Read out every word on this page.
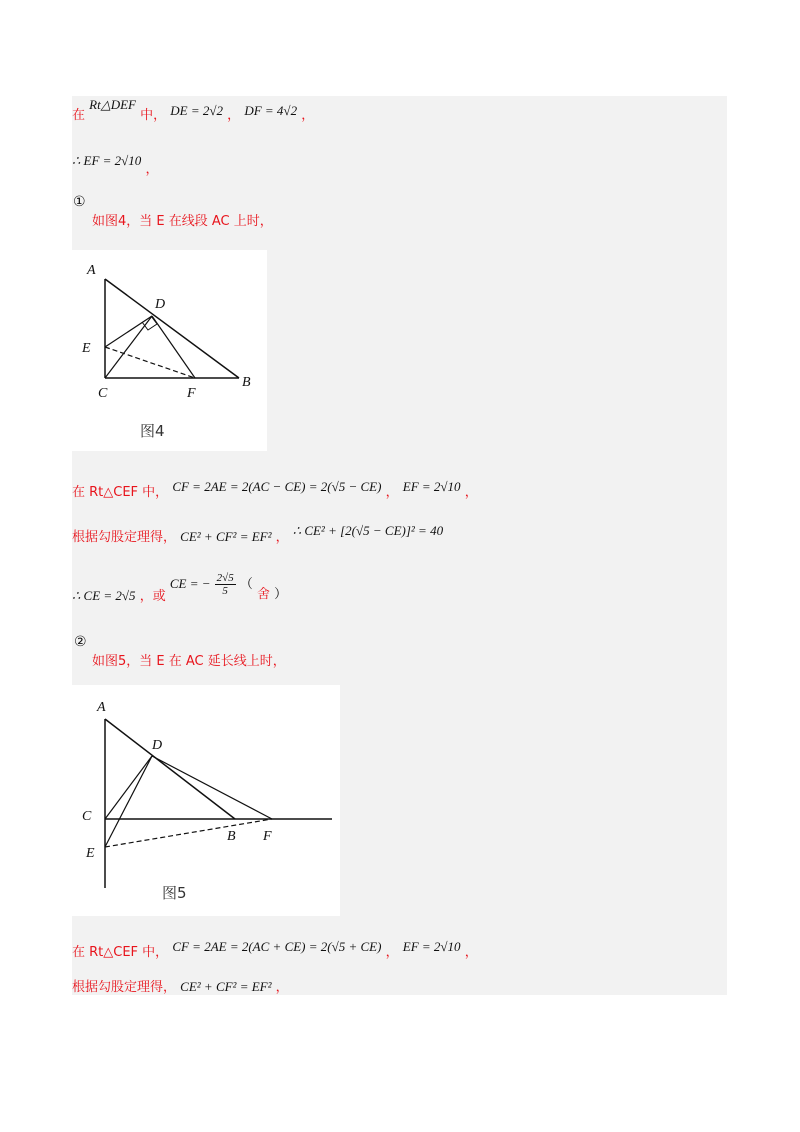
在 Rt△DEF 中， DE = 2√2 ， DF = 4√2 ，
∴ EF = 2√10 ，
①
如图4，当 E 在线段 AC 上时，
A
D
E
C	F
B
图4
在 Rt△CEF 中， CF = 2AE = 2(AC − CE) = 2(√5 − CE) ， EF = 2√10 ，
根据勾股定理得， CE² + CF² = EF² ， ∴ CE² + [2(√5 − CE)]² = 40
∴ CE = 2√5 ，或 CE = − $\frac{2√5}{5}$ （ 舍 ）
②
如图5，当 E 在 AC 延长线上时，
A
D
C
E
B F
图5
在 Rt△CEF 中， CF = 2AE = 2(AC + CE) = 2(√5 + CE) ， EF = 2√10 ，
根据勾股定理得， CE² + CF² = EF² ，
